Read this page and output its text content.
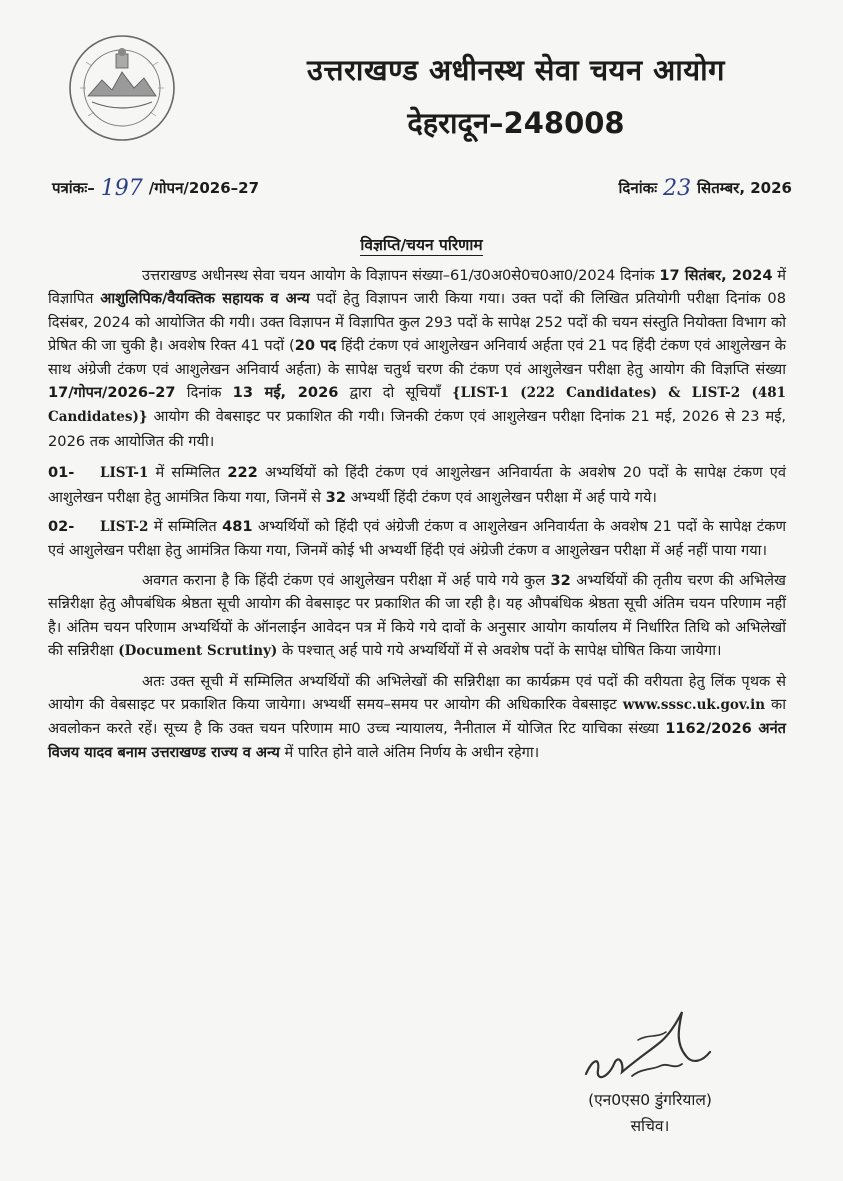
उत्तराखण्ड अधीनस्थ सेवा चयन आयोग
देहरादून–248008
पत्रांकः– 197 /गोपन/2026–27	दिनांकः 23 सितम्बर, 2026
विज्ञप्ति/चयन परिणाम

उत्तराखण्ड अधीनस्थ सेवा चयन आयोग के विज्ञापन संख्या–61/उ0अ0से0च0आ0/2024 दिनांक 17 सितंबर, 2024 में विज्ञापित आशुलिपिक/वैयक्तिक सहायक व अन्य पदों हेतु विज्ञापन जारी किया गया। उक्त पदों की लिखित प्रतियोगी परीक्षा दिनांक 08 दिसंबर, 2024 को आयोजित की गयी। उक्त विज्ञापन में विज्ञापित कुल 293 पदों के सापेक्ष 252 पदों की चयन संस्तुति नियोक्ता विभाग को प्रेषित की जा चुकी है। अवशेष रिक्त 41 पदों (20 पद हिंदी टंकण एवं आशुलेखन अनिवार्य अर्हता एवं 21 पद हिंदी टंकण एवं आशुलेखन के साथ अंग्रेजी टंकण एवं आशुलेखन अनिवार्य अर्हता) के सापेक्ष चतुर्थ चरण की टंकण एवं आशुलेखन परीक्षा हेतु आयोग की विज्ञप्ति संख्या 17/गोपन/2026–27 दिनांक 13 मई, 2026 द्वारा दो सूचियाँ {LIST-1 (222 Candidates) & LIST-2 (481 Candidates)} आयोग की वेबसाइट पर प्रकाशित की गयी। जिनकी टंकण एवं आशुलेखन परीक्षा दिनांक 21 मई, 2026 से 23 मई, 2026 तक आयोजित की गयी।

01- LIST-1 में सम्मिलित 222 अभ्यर्थियों को हिंदी टंकण एवं आशुलेखन अनिवार्यता के अवशेष 20 पदों के सापेक्ष टंकण एवं आशुलेखन परीक्षा हेतु आमंत्रित किया गया, जिनमें से 32 अभ्यर्थी हिंदी टंकण एवं आशुलेखन परीक्षा में अर्ह पाये गये।

02- LIST-2 में सम्मिलित 481 अभ्यर्थियों को हिंदी एवं अंग्रेजी टंकण व आशुलेखन अनिवार्यता के अवशेष 21 पदों के सापेक्ष टंकण एवं आशुलेखन परीक्षा हेतु आमंत्रित किया गया, जिनमें कोई भी अभ्यर्थी हिंदी एवं अंग्रेजी टंकण व आशुलेखन परीक्षा में अर्ह नहीं पाया गया।

अवगत कराना है कि हिंदी टंकण एवं आशुलेखन परीक्षा में अर्ह पाये गये कुल 32 अभ्यर्थियों की तृतीय चरण की अभिलेख सन्निरीक्षा हेतु औपबंधिक श्रेष्ठता सूची आयोग की वेबसाइट पर प्रकाशित की जा रही है। यह औपबंधिक श्रेष्ठता सूची अंतिम चयन परिणाम नहीं है। अंतिम चयन परिणाम अभ्यर्थियों के ऑनलाईन आवेदन पत्र में किये गये दावों के अनुसार आयोग कार्यालय में निर्धारित तिथि को अभिलेखों की सन्निरीक्षा (Document Scrutiny) के पश्चात् अर्ह पाये गये अभ्यर्थियों में से अवशेष पदों के सापेक्ष घोषित किया जायेगा।

अतः उक्त सूची में सम्मिलित अभ्यर्थियों की अभिलेखों की सन्निरीक्षा का कार्यक्रम एवं पदों की वरीयता हेतु लिंक पृथक से आयोग की वेबसाइट पर प्रकाशित किया जायेगा। अभ्यर्थी समय–समय पर आयोग की अधिकारिक वेबसाइट www.sssc.uk.gov.in का अवलोकन करते रहें। सूच्य है कि उक्त चयन परिणाम मा0 उच्च न्यायालय, नैनीताल में योजित रिट याचिका संख्या 1162/2026 अनंत विजय यादव बनाम उत्तराखण्ड राज्य व अन्य में पारित होने वाले अंतिम निर्णय के अधीन रहेगा।

(एन0एस0 डुंगरियाल)
सचिव।
